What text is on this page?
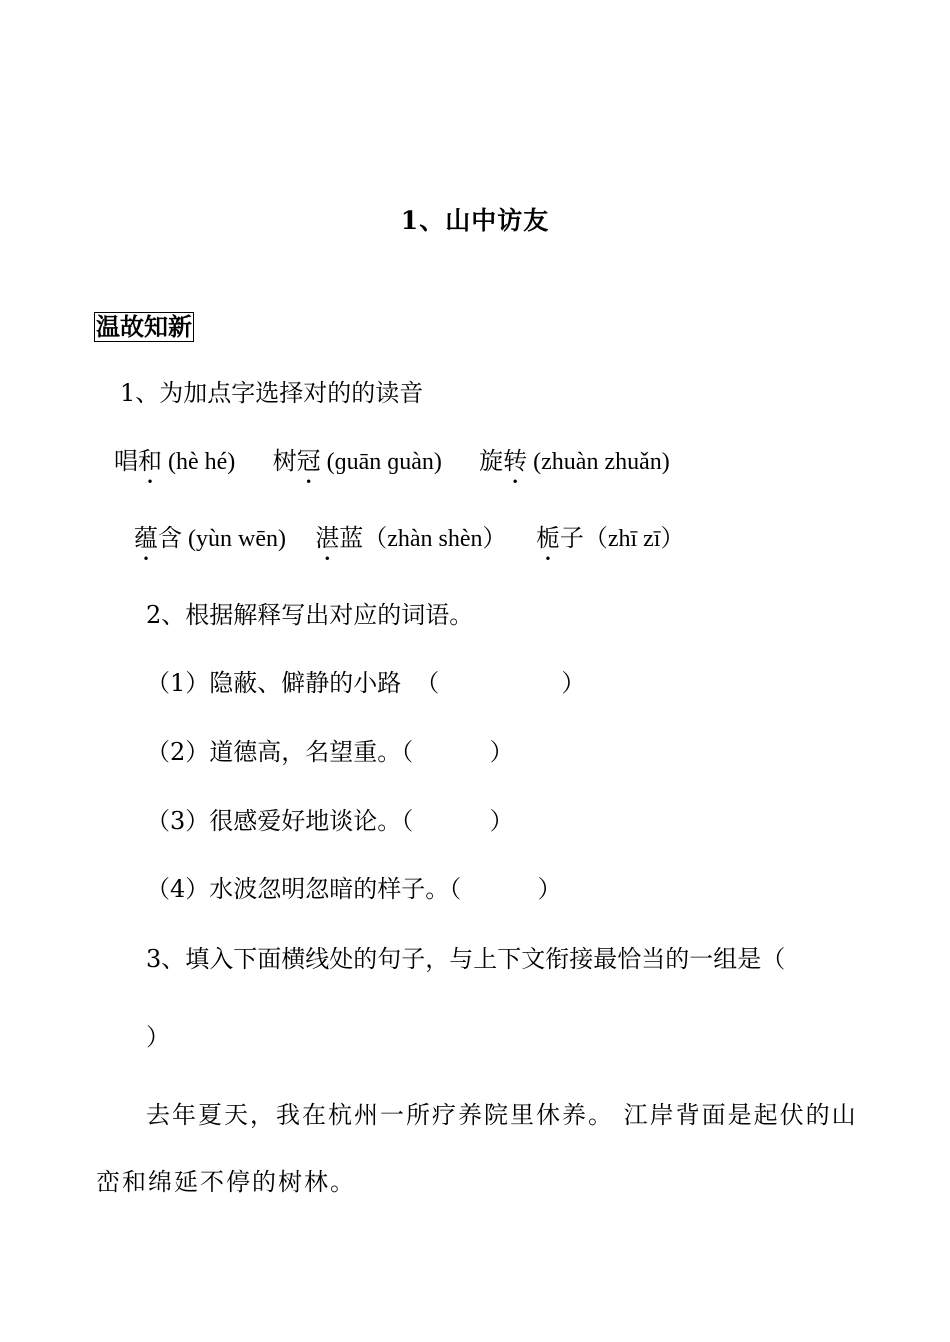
1、山中访友
温故知新
1、为加点字选择对的的读音
唱和 (hè hé) 树冠 (ɡuān ɡuàn) 旋转 (zhuàn zhuǎn)
蕴含 (yùn wēn) 湛蓝（zhàn shèn） 栀子（zhī zī）
2、根据解释写出对应的词语。
（1）隐蔽、僻静的小路 （                ）
（2）道德高，名望重。（          ）
（3）很感爱好地谈论。（          ）
（4）水波忽明忽暗的样子。（          ）
3、填入下面横线处的句子，与上下文衔接最恰当的一组是（
）
去年夏天，我在杭州一所疗养院里休养。 江岸背面是起伏的山
峦和绵延不停的树林。
